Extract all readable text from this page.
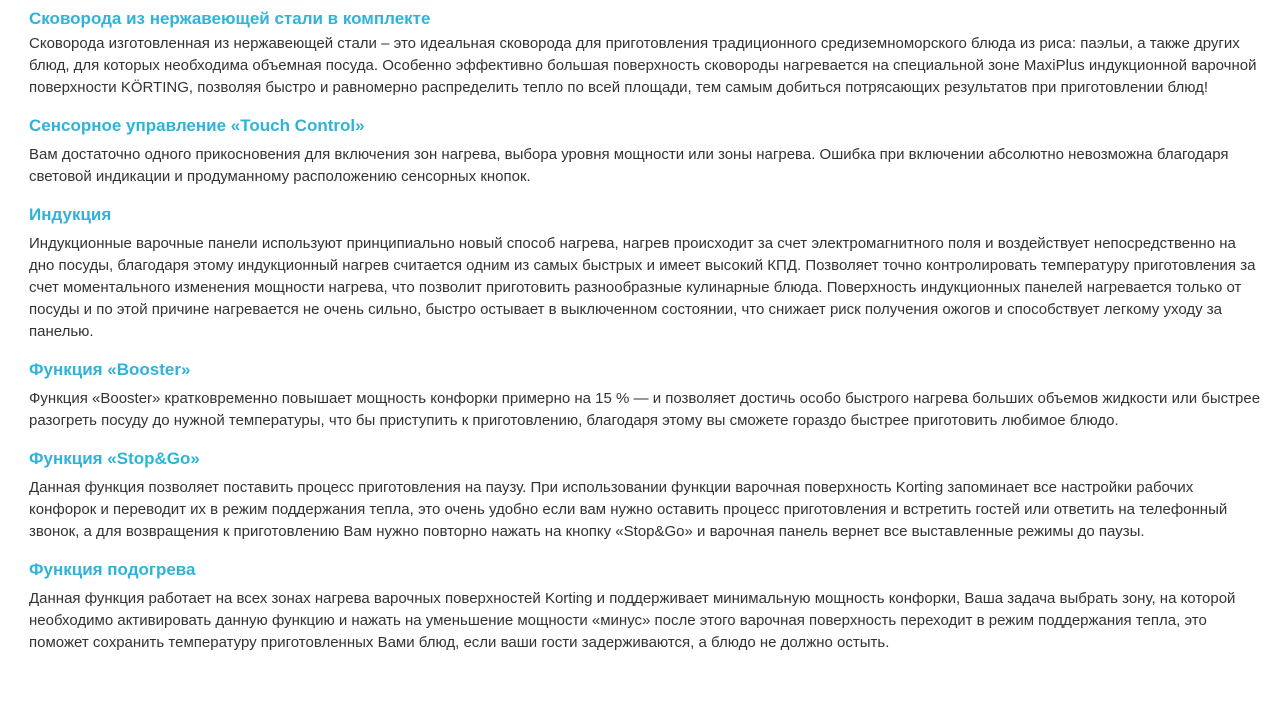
Сковорода из нержавеющей стали в комплекте

Сковорода изготовленная из нержавеющей стали – это идеальная сковорода для приготовления традиционного средиземноморского блюда из риса: паэльи, а также других блюд, для которых необходима объемная посуда. Особенно эффективно большая поверхность сковороды нагревается на специальной зоне MaxiPlus индукционной варочной поверхности KÖRTING, позволяя быстро и равномерно распределить тепло по всей площади, тем самым добиться потрясающих результатов при приготовлении блюд!

Сенсорное управление «Touch Control»

Вам достаточно одного прикосновения для включения зон нагрева, выбора уровня мощности или зоны нагрева. Ошибка при включении абсолютно невозможна благодаря световой индикации и продуманному расположению сенсорных кнопок.

Индукция

Индукционные варочные панели используют принципиально новый способ нагрева, нагрев происходит за счет электромагнитного поля и воздействует непосредственно на дно посуды, благодаря этому индукционный нагрев считается одним из самых быстрых и имеет высокий КПД. Позволяет точно контролировать температуру приготовления за счет моментального изменения мощности нагрева, что позволит приготовить разнообразные кулинарные блюда. Поверхность индукционных панелей нагревается только от посуды и по этой причине нагревается не очень сильно, быстро остывает в выключенном состоянии, что снижает риск получения ожогов и способствует легкому уходу за панелью.

Функция «Booster»

Функция «Booster» кратковременно повышает мощность конфорки примерно на 15 % — и позволяет достичь особо быстрого нагрева больших объемов жидкости или быстрее разогреть посуду до нужной температуры, что бы приступить к приготовлению, благодаря этому вы сможете гораздо быстрее приготовить любимое блюдо.

Функция «Stop&Go»

Данная функция позволяет поставить процесс приготовления на паузу. При использовании функции варочная поверхность Korting запоминает все настройки рабочих конфорок и переводит их в режим поддержания тепла, это очень удобно если вам нужно оставить процесс приготовления и встретить гостей или ответить на телефонный звонок, а для возвращения к приготовлению Вам нужно повторно нажать на кнопку «Stop&Go» и варочная панель вернет все выставленные режимы до паузы.

Функция подогрева

Данная функция работает на всех зонах нагрева варочных поверхностей Korting и поддерживает минимальную мощность конфорки, Ваша задача выбрать зону, на которой необходимо активировать данную функцию и нажать на уменьшение мощности «минус» после этого варочная поверхность переходит в режим поддержания тепла, это поможет сохранить температуру приготовленных Вами блюд, если ваши гости задерживаются, а блюдо не должно остыть.
